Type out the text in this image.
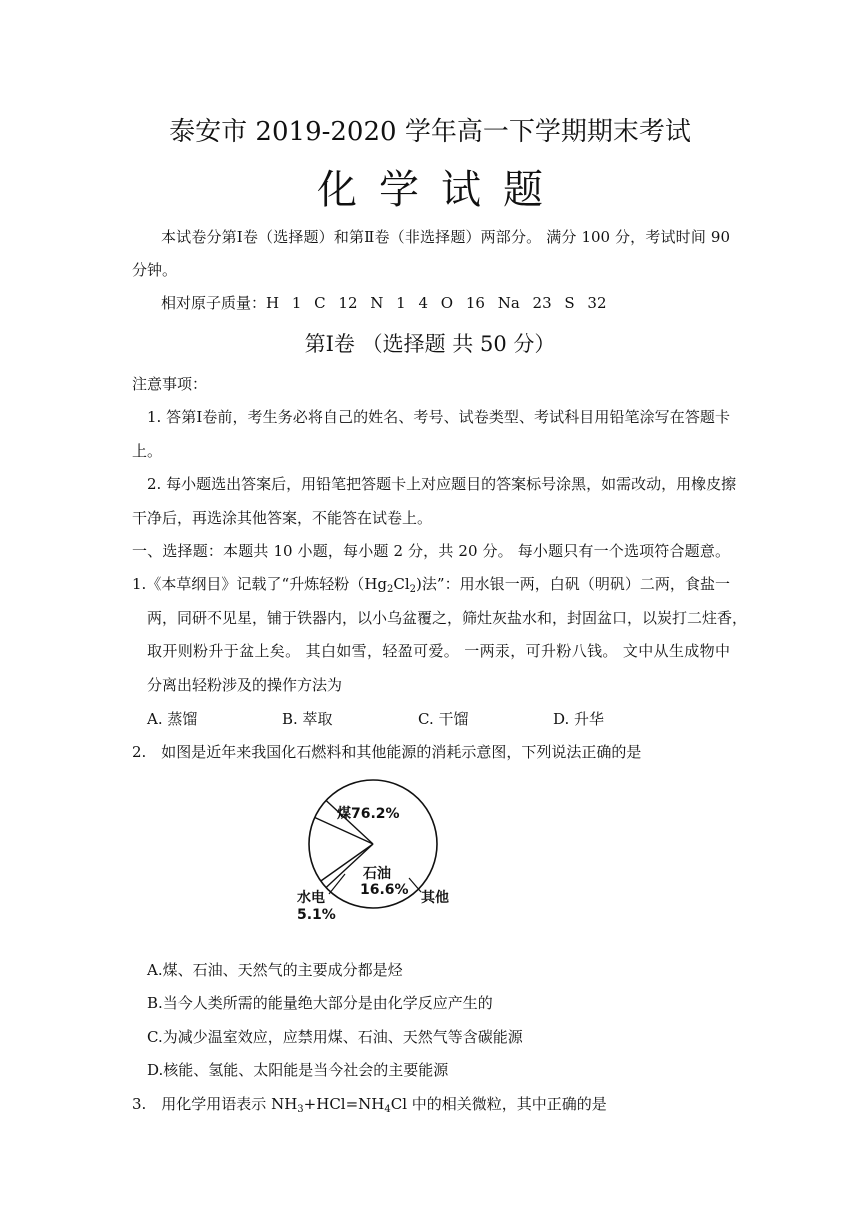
泰安市 2019-2020 学年高一下学期期末考试
化学试题
本试卷分第Ⅰ卷（选择题）和第Ⅱ卷（非选择题）两部分。 满分 100 分，考试时间 90
分钟。
相对原子质量：H 1 C 12 N 1 4 O 16 Na 23 S 32
第Ⅰ卷 （选择题 共 50 分）
注意事项：
1. 答第Ⅰ卷前，考生务必将自己的姓名、考号、试卷类型、考试科目用铅笔涂写在答题卡
上。
2. 每小题选出答案后，用铅笔把答题卡上对应题目的答案标号涂黑，如需改动，用橡皮擦
干净后，再选涂其他答案，不能答在试卷上。
一、选择题：本题共 10 小题，每小题 2 分，共 20 分。 每小题只有一个选项符合题意。
1.《本草纲目》记载了“升炼轻粉$(Hg_2Cl_2)$法”：用水银一两，白矾（明矾）二两，食盐一
两，同研不见星，铺于铁器内，以小乌盆覆之，筛灶灰盐水和，封固盆口，以炭打二炷香，
取开则粉升于盆上矣。 其白如雪，轻盈可爱。 一两汞，可升粉八钱。 文中从生成物中
分离出轻粉涉及的操作方法为
A. 蒸馏	B. 萃取	C. 干馏	D. 升华
2.　如图是近年来我国化石燃料和其他能源的消耗示意图，下列说法正确的是
煤76.2%
石油
16.6%
水电
5.1%
其他
A.煤、石油、天然气的主要成分都是烃
B.当今人类所需的能量绝大部分是由化学反应产生的
C.为减少温室效应，应禁用煤、石油、天然气等含碳能源
D.核能、氢能、太阳能是当今社会的主要能源
3.　用化学用语表示 $NH_3+HCl=NH_4Cl$ 中的相关微粒，其中正确的是
